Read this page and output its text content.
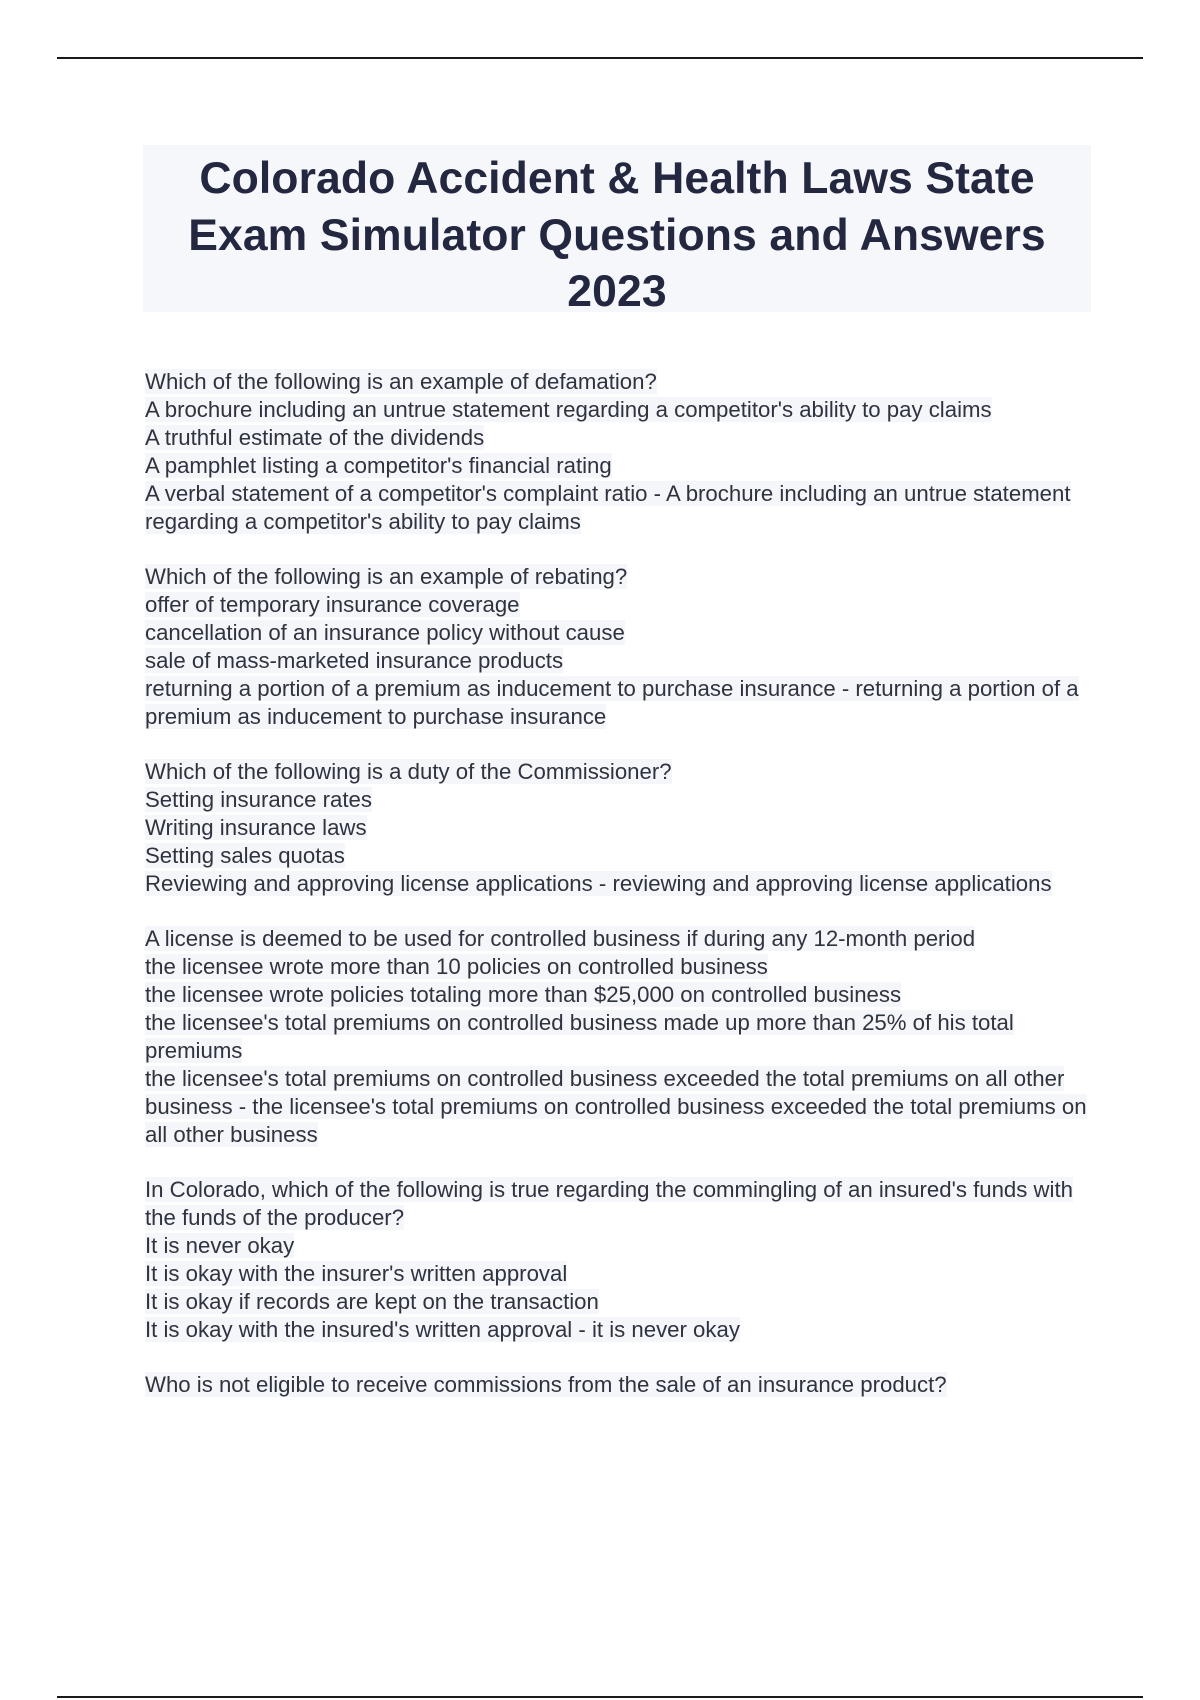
Colorado Accident & Health Laws State Exam Simulator Questions and Answers 2023
Which of the following is an example of defamation?
A brochure including an untrue statement regarding a competitor's ability to pay claims
A truthful estimate of the dividends
A pamphlet listing a competitor's financial rating
A verbal statement of a competitor's complaint ratio - A brochure including an untrue statement regarding a competitor's ability to pay claims
Which of the following is an example of rebating?
offer of temporary insurance coverage
cancellation of an insurance policy without cause
sale of mass-marketed insurance products
returning a portion of a premium as inducement to purchase insurance - returning a portion of a premium as inducement to purchase insurance
Which of the following is a duty of the Commissioner?
Setting insurance rates
Writing insurance laws
Setting sales quotas
Reviewing and approving license applications - reviewing and approving license applications
A license is deemed to be used for controlled business if during any 12-month period
the licensee wrote more than 10 policies on controlled business
the licensee wrote policies totaling more than $25,000 on controlled business
the licensee's total premiums on controlled business made up more than 25% of his total premiums
the licensee's total premiums on controlled business exceeded the total premiums on all other business - the licensee's total premiums on controlled business exceeded the total premiums on all other business
In Colorado, which of the following is true regarding the commingling of an insured's funds with the funds of the producer?
It is never okay
It is okay with the insurer's written approval
It is okay if records are kept on the transaction
It is okay with the insured's written approval - it is never okay
Who is not eligible to receive commissions from the sale of an insurance product?
